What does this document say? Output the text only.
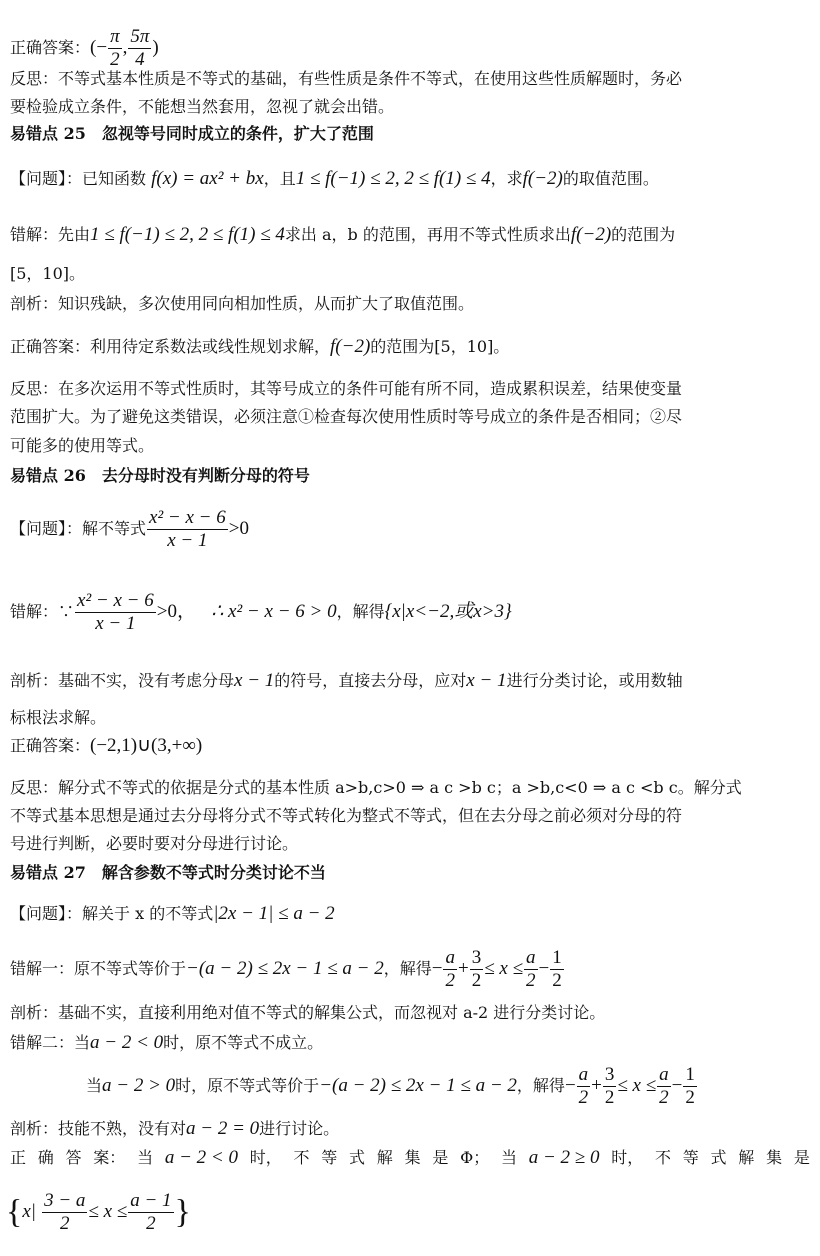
正确答案：(− $\frac{\pi}{2}$ , $\frac{5\pi}{4}$ )
反思：不等式基本性质是不等式的基础，有些性质是条件不等式，在使用这些性质解题时，务必
要检验成立条件，不能想当然套用，忽视了就会出错。
易错点 25　忽视等号同时成立的条件，扩大了范围
【问题】：已知函数 f(x) = ax² + bx，且1 ≤ f(−1) ≤ 2, 2 ≤ f(1) ≤ 4，求f(−2)的取值范围。
错解：先由1 ≤ f(−1) ≤ 2, 2 ≤ f(1) ≤ 4求出 a，b 的范围，再用不等式性质求出f(−2)的范围为
[5，10]。
剖析：知识残缺，多次使用同向相加性质，从而扩大了取值范围。
正确答案：利用待定系数法或线性规划求解，f(−2)的范围为[5，10]。
反思：在多次运用不等式性质时，其等号成立的条件可能有所不同，造成累积误差，结果使变量
范围扩大。为了避免这类错误，必须注意①检查每次使用性质时等号成立的条件是否相同；②尽
可能多的使用等式。
易错点 26　去分母时没有判断分母的符号
【问题】：解不等式 $\frac{\text{x² − x − 6}}{x - 1} >0$
错解：∵ $\frac{\text{x² − x − 6}}{x - 1} >0$， ∴ x² − x − 6 > 0，解得{x|x<−2,或x>3}
剖析：基础不实，没有考虑分母x − 1的符号，直接去分母，应对x − 1进行分类讨论，或用数轴
标根法求解。
正确答案：(−2,1)∪(3,+∞)
反思：解分式不等式的依据是分式的基本性质 a>b,c>0 ⇒ a c >b c；a >b,c<0 ⇒ a c <b c。解分式
不等式基本思想是通过去分母将分式不等式转化为整式不等式，但在去分母之前必须对分母的符
号进行判断，必要时要对分母进行讨论。
易错点 27　解含参数不等式时分类讨论不当
【问题】：解关于 x 的不等式|2x − 1| ≤ a − 2
错解一：原不等式等价于−(a − 2) ≤ 2x − 1 ≤ a − 2，解得− $\frac{a}{2} + \frac{3}{2} \le x \le \frac{a}{2} - \frac{1}{2}$
剖析：基础不实，直接利用绝对值不等式的解集公式，而忽视对 a-2 进行分类讨论。
错解二：当a − 2 < 0时，原不等式不成立。
当a − 2 > 0时，原不等式等价于−(a − 2) ≤ 2x − 1 ≤ a − 2，解得− $\frac{a}{2} + \frac{3}{2} \le x \le \frac{a}{2} - \frac{1}{2}$
剖析：技能不熟，没有对a − 2 = 0进行讨论。
正 确 答 案： 当 a − 2 < 0 时， 不 等 式 解 集 是 Φ； 当 a − 2 ≥ 0 时， 不 等 式 解 集 是
{$x| \frac{3 - a}{2} \le x \le \frac{a - 1}{2}$ }
